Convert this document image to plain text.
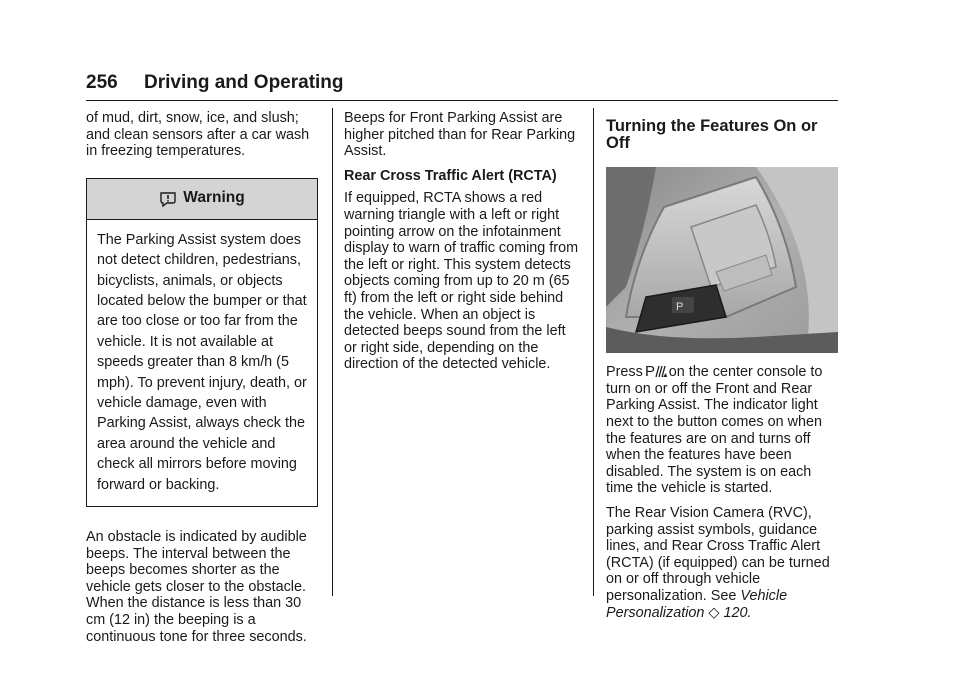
256 Driving and Operating

of mud, dirt, snow, ice, and slush; and clean sensors after a car wash in freezing temperatures.

Warning
The Parking Assist system does not detect children, pedestrians, bicyclists, animals, or objects located below the bumper or that are too close or too far from the vehicle. It is not available at speeds greater than 8 km/h (5 mph). To prevent injury, death, or vehicle damage, even with Parking Assist, always check the area around the vehicle and check all mirrors before moving forward or backing.

An obstacle is indicated by audible beeps. The interval between the beeps becomes shorter as the vehicle gets closer to the obstacle. When the distance is less than 30 cm (12 in) the beeping is a continuous tone for three seconds.

Beeps for Front Parking Assist are higher pitched than for Rear Parking Assist.

Rear Cross Traffic Alert (RCTA)

If equipped, RCTA shows a red warning triangle with a left or right pointing arrow on the infotainment display to warn of traffic coming from the left or right. This system detects objects coming from up to 20 m (65 ft) from the left or right side behind the vehicle. When an object is detected beeps sound from the left or right side, depending on the direction of the detected vehicle.

Turning the Features On or Off
P

Press P on the center console to turn on or off the Front and Rear Parking Assist. The indicator light next to the button comes on when the features are on and turns off when the features have been disabled. The system is on each time the vehicle is started.

The Rear Vision Camera (RVC), parking assist symbols, guidance lines, and Rear Cross Traffic Alert (RCTA) (if equipped) can be turned on or off through vehicle personalization. See Vehicle Personalization ◇ 120.
